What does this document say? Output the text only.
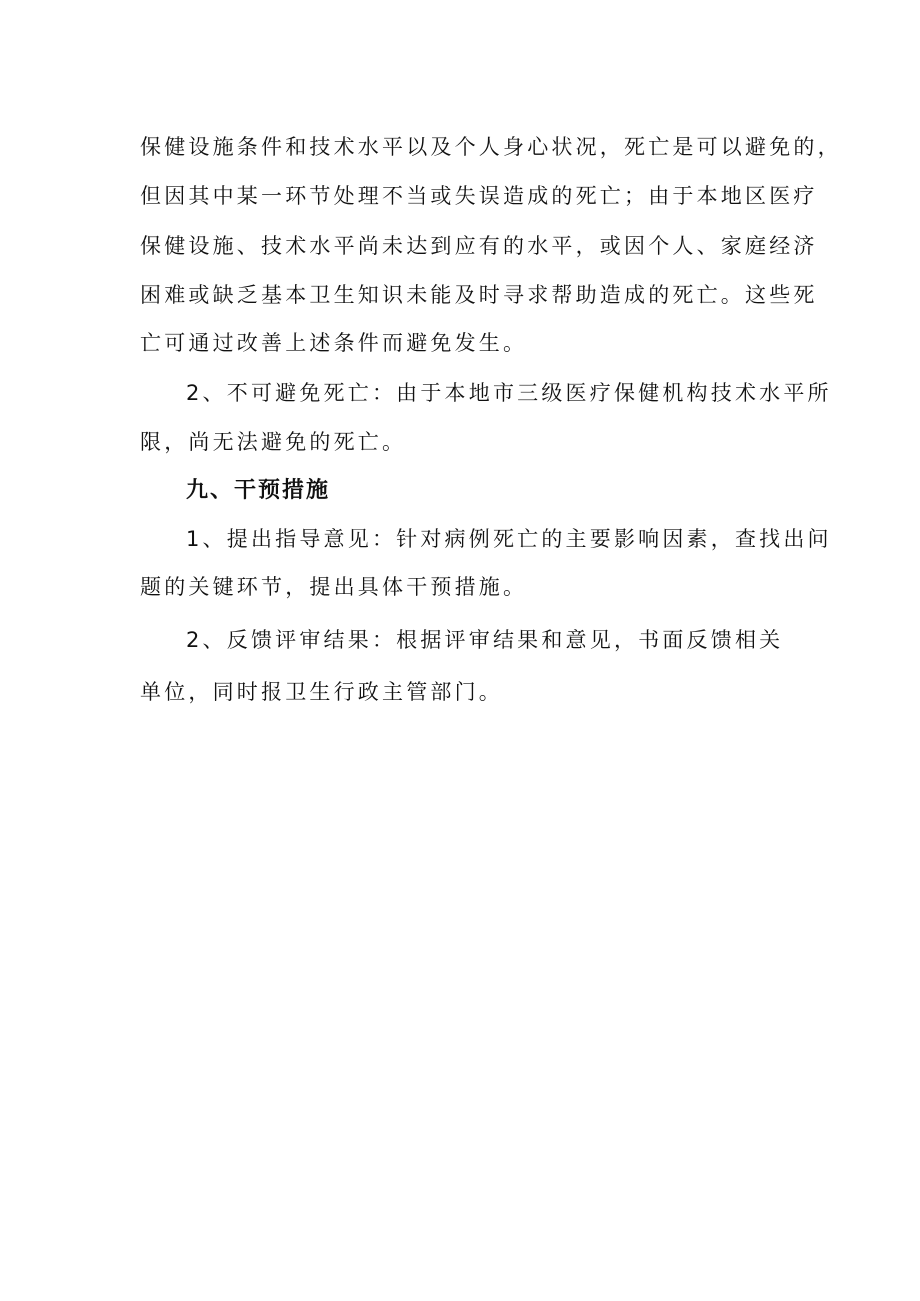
保健设施条件和技术水平以及个人身心状况，死亡是可以避免的，
但因其中某一环节处理不当或失误造成的死亡；由于本地区医疗
保健设施、技术水平尚未达到应有的水平，或因个人、家庭经济
困难或缺乏基本卫生知识未能及时寻求帮助造成的死亡。这些死
亡可通过改善上述条件而避免发生。
2、不可避免死亡：由于本地市三级医疗保健机构技术水平所
限，尚无法避免的死亡。
九、干预措施
1、提出指导意见：针对病例死亡的主要影响因素，查找出问
题的关键环节，提出具体干预措施。
2、反馈评审结果：根据评审结果和意见，书面反馈相关
单位，同时报卫生行政主管部门。
